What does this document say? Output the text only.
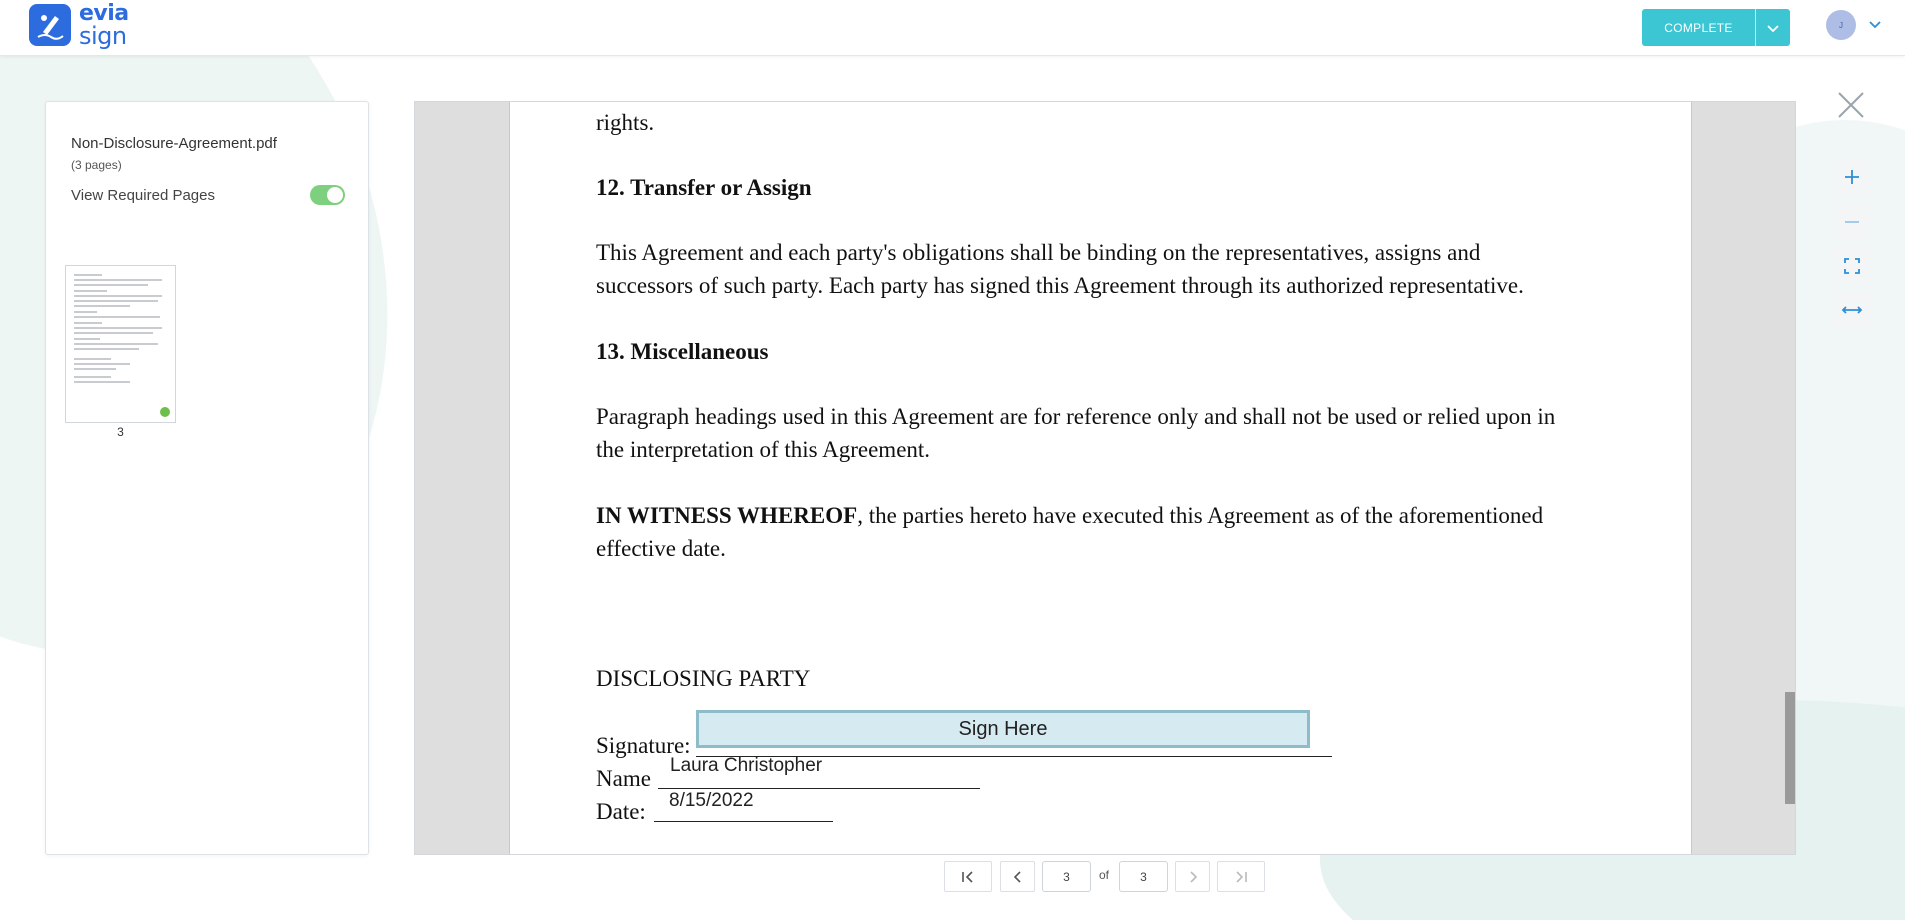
evia
sign	COMPLETE	J
Non-Disclosure-Agreement.pdf
(3 pages)
View Required Pages
3
rights.
12. Transfer or Assign
This Agreement and each party's obligations shall be binding on the representatives, assigns and
successors of such party. Each party has signed this Agreement through its authorized representative.
13. Miscellaneous
Paragraph headings used in this Agreement are for reference only and shall not be used or relied upon in
the interpretation of this Agreement.
IN WITNESS WHEREOF, the parties hereto have executed this Agreement as of the aforementioned
effective date.
DISCLOSING PARTY
Signature:
Sign Here
Name
Laura Christopher
Date: 8/15/2022
3
of
3
